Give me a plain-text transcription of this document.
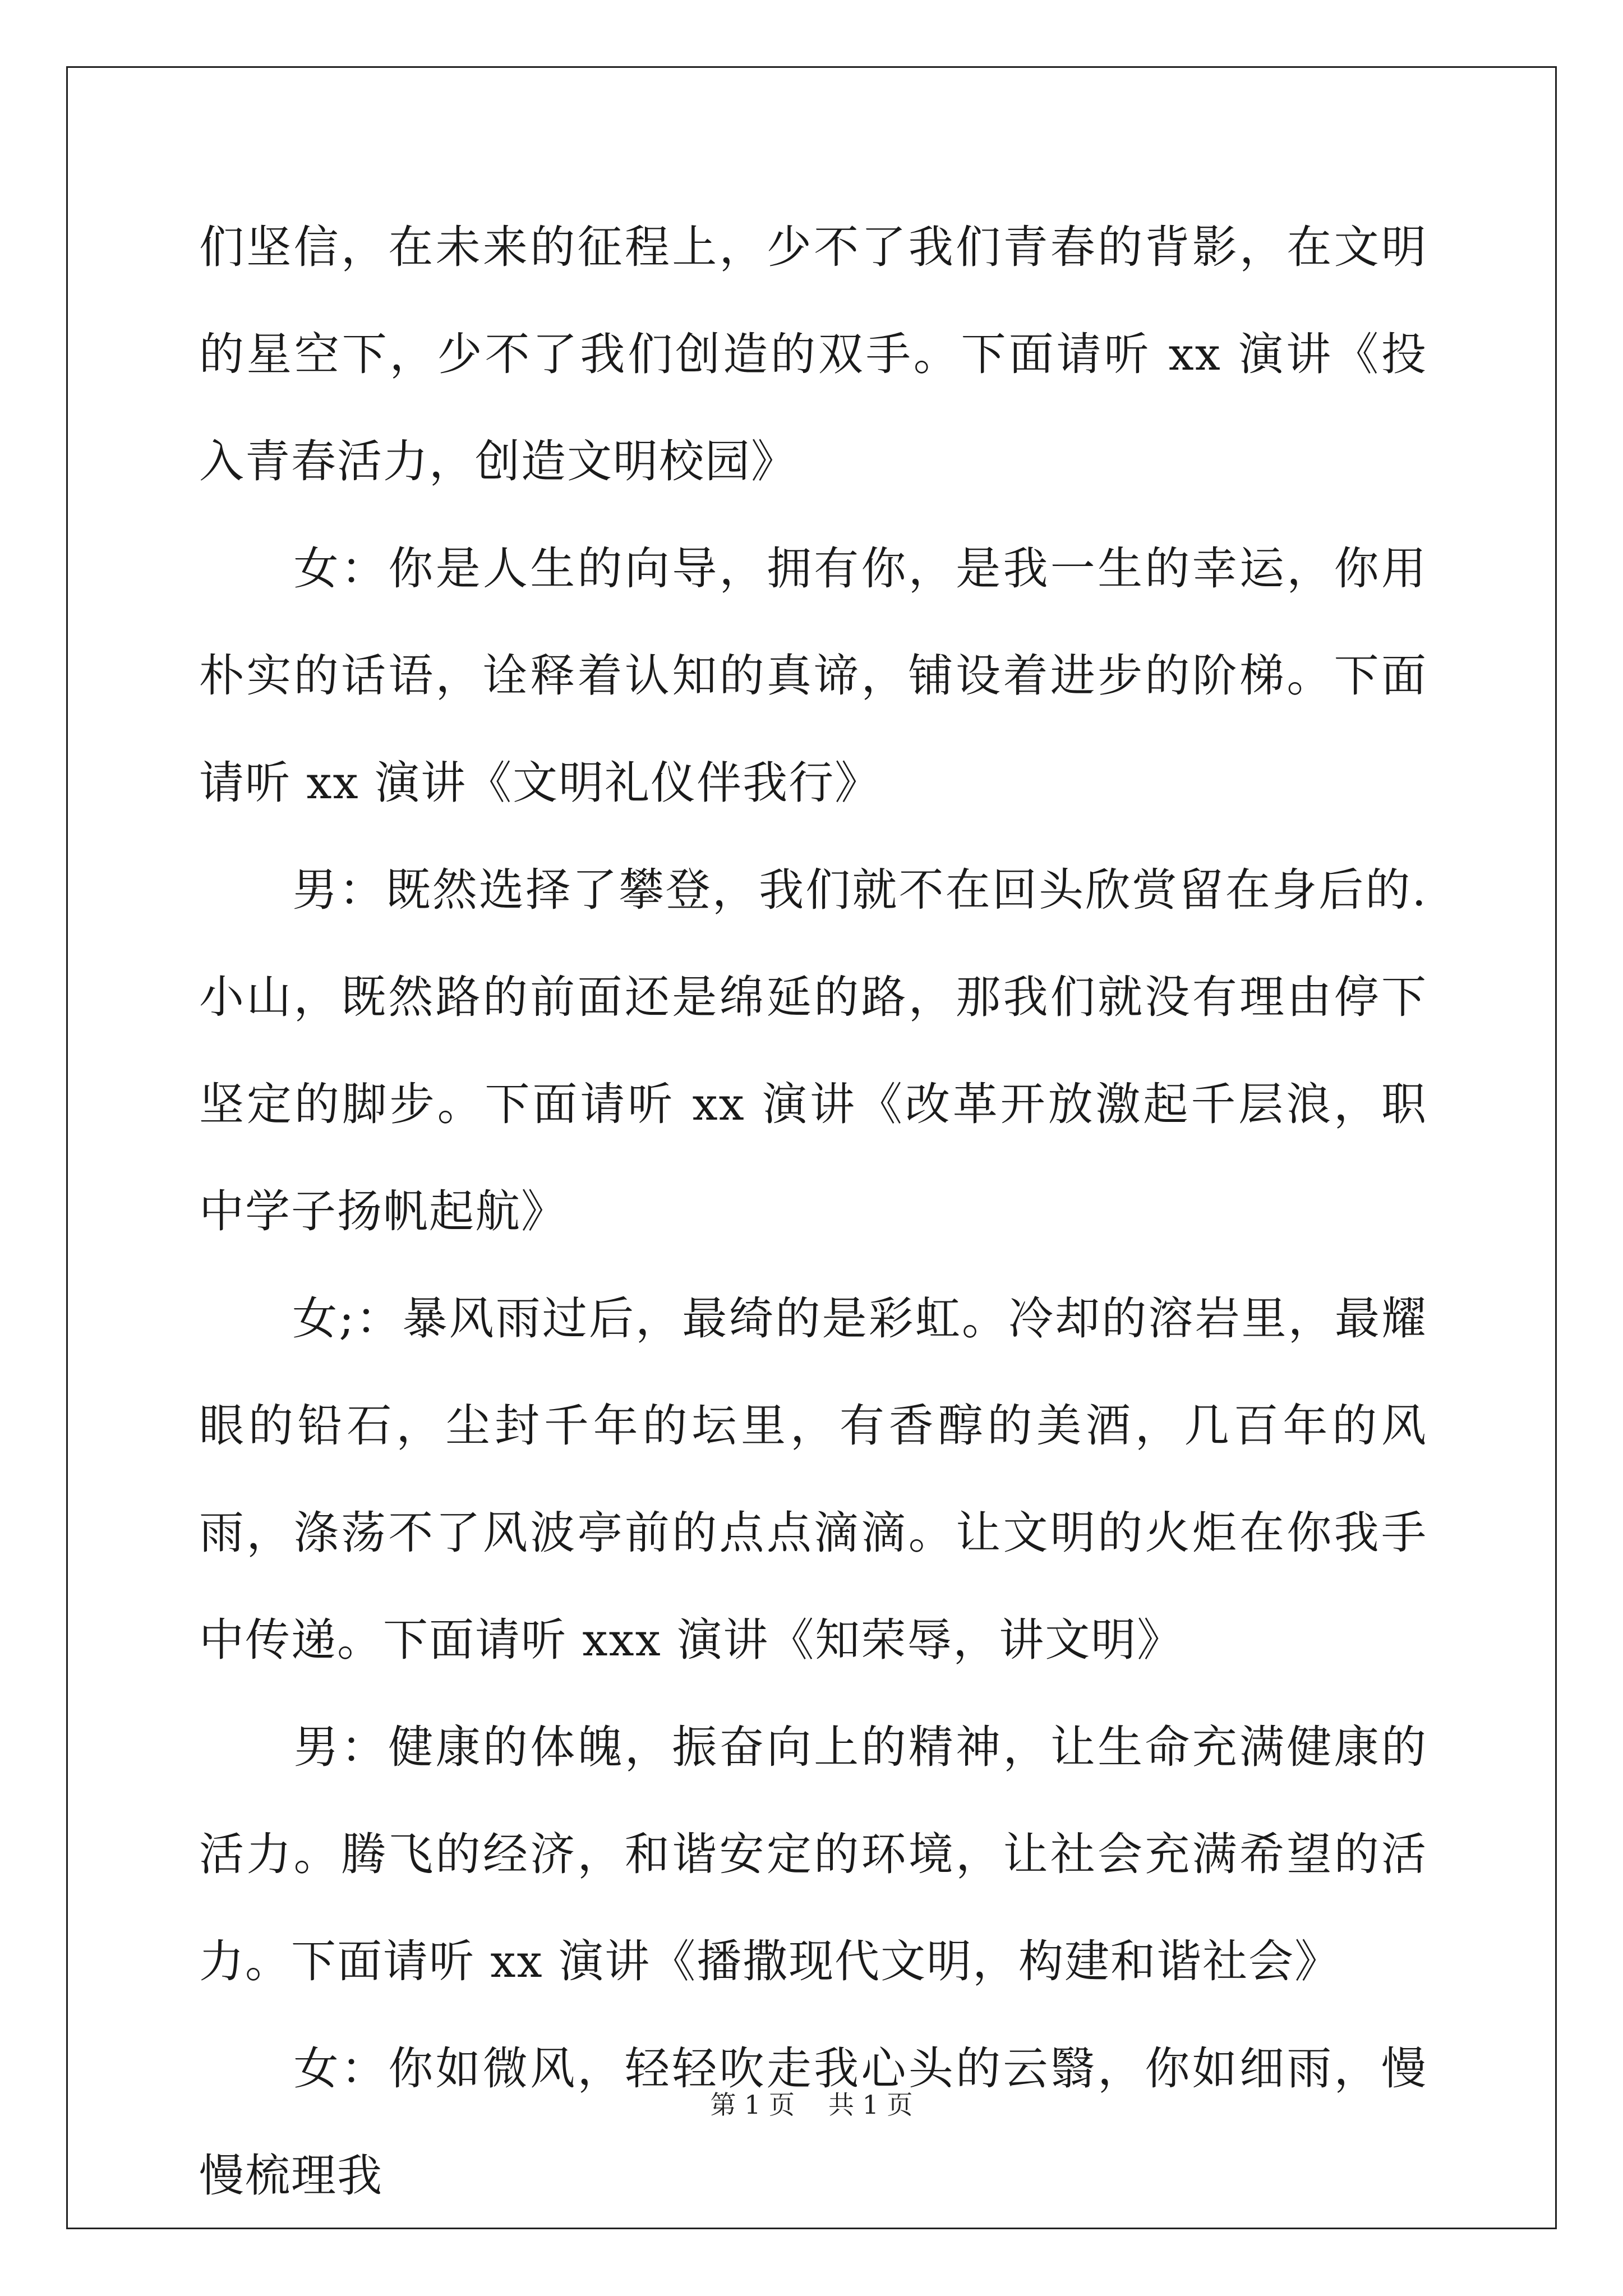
们坚信，在未来的征程上，少不了我们青春的背影，在文明的星空下，少不了我们创造的双手。下面请听 xx 演讲《投入青春活力，创造文明校园》

　　女：你是人生的向导，拥有你，是我一生的幸运，你用朴实的话语，诠释着认知的真谛，铺设着进步的阶梯。下面请听 xx 演讲《文明礼仪伴我行》

　　男：既然选择了攀登，我们就不在回头欣赏留在身后的.小山，既然路的前面还是绵延的路，那我们就没有理由停下坚定的脚步。下面请听 xx 演讲《改革开放激起千层浪，职中学子扬帆起航》

　　女;：暴风雨过后，最绮的是彩虹。冷却的溶岩里，最耀眼的铅石，尘封千年的坛里，有香醇的美酒，几百年的风雨，涤荡不了风波亭前的点点滴滴。让文明的火炬在你我手中传递。下面请听 xxx 演讲《知荣辱，讲文明》

　　男：健康的体魄，振奋向上的精神，让生命充满健康的活力。腾飞的经济，和谐安定的环境，让社会充满希望的活力。下面请听 xx 演讲《播撒现代文明，构建和谐社会》

　　女：你如微风，轻轻吹走我心头的云翳，你如细雨，慢慢梳理我

第 1 页 共 1 页
